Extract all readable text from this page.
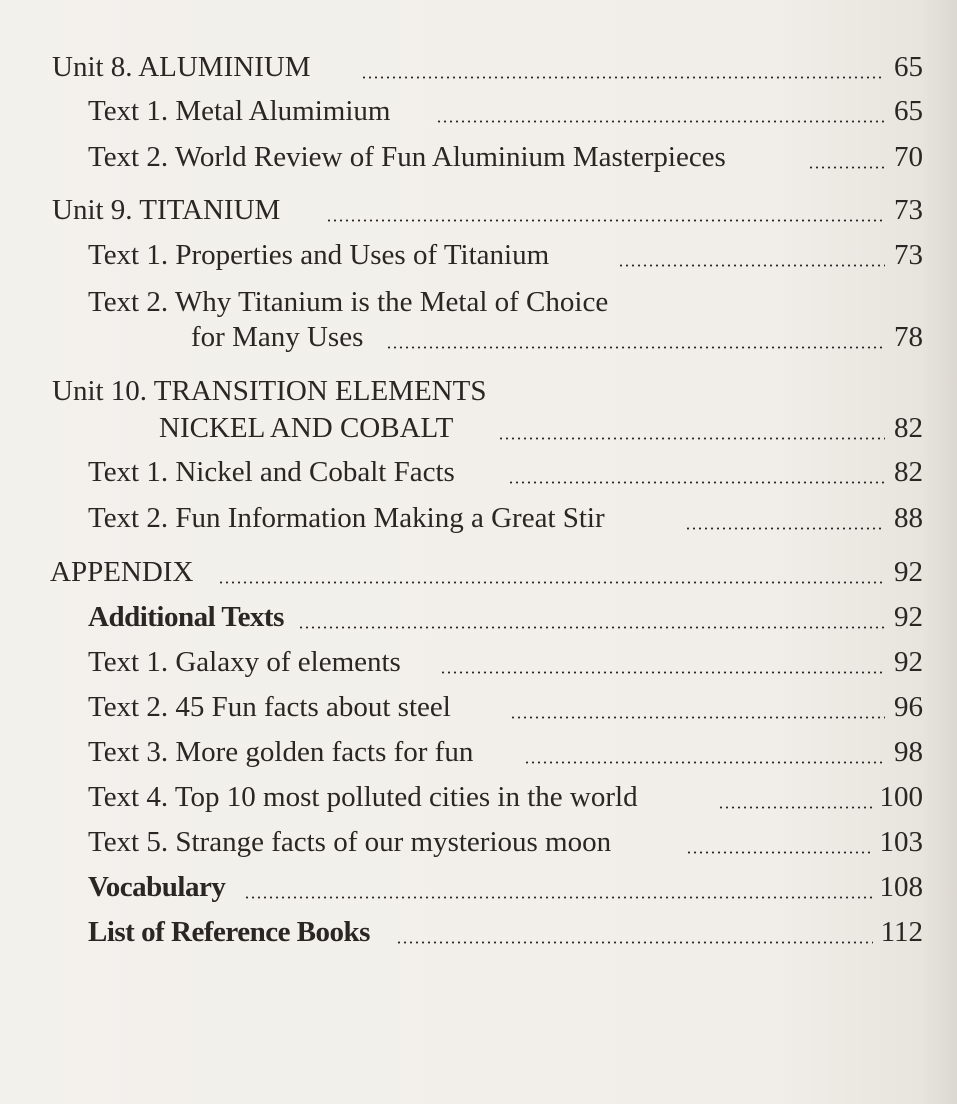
Unit 8. ALUMINIUM	65
Text 1. Metal Alumimium	65
Text 2. World Review of Fun Aluminium Masterpieces	70
Unit 9. TITANIUM	73
Text 1. Properties and Uses of Titanium	73
Text 2. Why Titanium is the Metal of Choice
for Many Uses	78
Unit 10. TRANSITION ELEMENTS
NICKEL AND COBALT	82
Text 1. Nickel and Cobalt Facts	82
Text 2. Fun Information Making a Great Stir	88
APPENDIX	92
Additional Texts	92
Text 1. Galaxy of elements	92
Text 2. 45 Fun facts about steel	96
Text 3. More golden facts for fun	98
Text 4. Top 10 most polluted cities in the world	100
Text 5. Strange facts of our mysterious moon	103
Vocabulary	108
List of Reference Books	112
